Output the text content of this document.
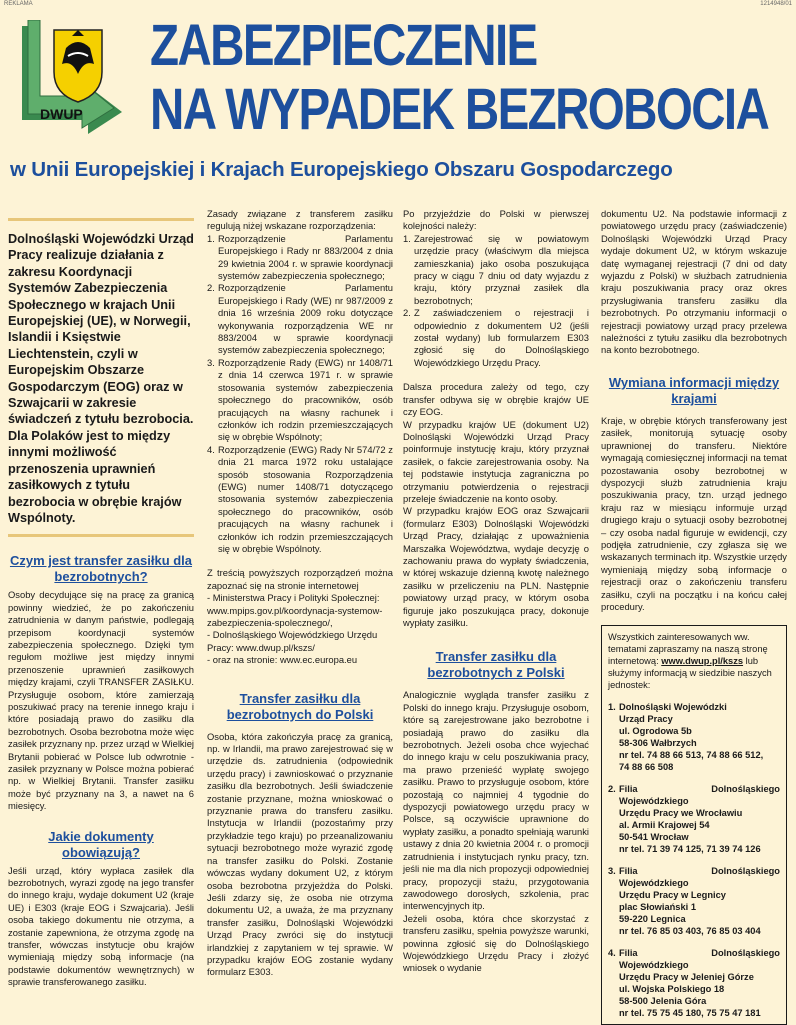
REKLAMA	1214948/01
DWUP
ZABEZPIECZENIE
NA WYPADEK BEZROBOCIA
w Unii Europejskiej i Krajach Europejskiego Obszaru Gospodarczego
Dolnośląski Wojewódzki Urząd Pracy realizuje działania z zakresu Koordynacji Systemów Zabezpieczenia Społecznego w krajach Unii Europejskiej (UE), w Norwegii, Islandii i Księstwie Liechtenstein, czyli w Europejskim Obszarze Gospodarczym (EOG) oraz w Szwajcarii w zakresie świadczeń z tytułu bezrobocia. Dla Polaków jest to między innymi możliwość przenoszenia uprawnień zasiłkowych z tytułu bezrobocia w obrębie krajów Wspólnoty.
Czym jest transfer zasiłku dla bezrobotnych?

Osoby decydujące się na pracę za granicą powinny wiedzieć, że po zakończeniu zatrudnienia w danym państwie, podlegają przepisom koordynacji systemów zabezpieczenia społecznego. Dzięki tym regułom możliwe jest między innymi przenoszenie uprawnień zasiłkowych między krajami, czyli TRANSFER ZASIŁKU. Przysługuje osobom, które zamierzają poszukiwać pracy na terenie innego kraju i które posiadają prawo do zasiłku dla bezrobotnych. Osoba bezrobotna może więc zasiłek przyznany np. przez urząd w Wielkiej Brytanii pobierać w Polsce lub odwrotnie - zasiłek przyznany w Polsce można pobierać np. w Wielkiej Brytanii. Transfer zasiłku może być przyznany na 3, a nawet na 6 miesięcy.

Jakie dokumenty obowiązują?

Jeśli urząd, który wypłaca zasiłek dla bezrobotnych, wyrazi zgodę na jego transfer do innego kraju, wydaje dokument U2 (kraje UE) i E303 (kraje EOG i Szwajcaria). Jeśli osoba takiego dokumentu nie otrzyma, a zostanie zapewniona, że otrzyma zgodę na transfer, wówczas instytucje obu krajów wymieniają między sobą informacje (na podstawie dokumentów wewnętrznych) w sprawie transferowanego zasiłku.

Zasady związane z transferem zasiłku regulują niżej wskazane rozporządzenia:

1. Rozporządzenie Parlamentu Europejskiego i Rady nr 883/2004 z dnia 29 kwietnia 2004 r. w sprawie koordynacji systemów zabezpieczenia społecznego;
2. Rozporządzenie Parlamentu Europejskiego i Rady (WE) nr 987/2009 z dnia 16 września 2009 roku dotyczące wykonywania rozporządzenia WE nr 883/2004 w sprawie koordynacji systemów zabezpieczenia społecznego;
3. Rozporządzenie Rady (EWG) nr 1408/71 z dnia 14 czerwca 1971 r. w sprawie stosowania systemów zabezpieczenia społecznego do pracowników, osób pracujących na własny rachunek i członków ich rodzin przemieszczających się w obrębie Wspólnoty;
4. Rozporządzenie (EWG) Rady Nr 574/72 z dnia 21 marca 1972 roku ustalające sposób stosowania Rozporządzenia (EWG) numer 1408/71 dotyczącego stosowania systemów zabezpieczenia społecznego do pracowników, osób pracujących na własny rachunek i członków ich rodzin przemieszczających się w obrębie Wspólnoty.

Z treścią powyższych rozporządzeń można zapoznać się na stronie internetowej

- Ministerstwa Pracy i Polityki Społecznej: www.mpips.gov.pl/koordynacja-systemow-zabezpieczenia-spolecznego/,
- Dolnośląskiego Wojewódzkiego Urzędu Pracy: www.dwup.pl/kszs/
- oraz na stronie: www.ec.europa.eu
Transfer zasiłku dla bezrobotnych do Polski

Osoba, która zakończyła pracę za granicą, np. w Irlandii, ma prawo zarejestrować się w urzędzie ds. zatrudnienia (odpowiednik urzędu pracy) i zawnioskować o przyznanie zasiłku dla bezrobotnych. Jeśli świadczenie zostanie przyznane, można wnioskować o przyznanie prawa do transferu zasiłku. Instytucja w Irlandii (pozostańmy przy przykładzie tego kraju) po przeanalizowaniu sytuacji bezrobotnego może wyrazić zgodę na transfer zasiłku do Polski. Zostanie wówczas wydany dokument U2, z którym osoba bezrobotna przyjeżdża do Polski. Jeśli zdarzy się, że osoba nie otrzyma dokumentu U2, a uważa, że ma przyznany transfer zasiłku, Dolnośląski Wojewódzki Urząd Pracy zwróci się do instytucji irlandzkiej z zapytaniem w tej sprawie. W przypadku krajów EOG zostanie wydany formularz E303.

Po przyjeździe do Polski w pierwszej kolejności należy:

1. Zarejestrować się w powiatowym urzędzie pracy (właściwym dla miejsca zamieszkania) jako osoba poszukująca pracy w ciągu 7 dniu od daty wyjazdu z kraju, który przyznał zasiłek dla bezrobotnych;
2. Z zaświadczeniem o rejestracji i odpowiednio z dokumentem U2 (jeśli został wydany) lub formularzem E303 zgłosić się do Dolnośląskiego Wojewódzkiego Urzędu Pracy.

Dalsza procedura zależy od tego, czy transfer odbywa się w obrębie krajów UE czy EOG.

W przypadku krajów UE (dokument U2) Dolnośląski Wojewódzki Urząd Pracy poinformuje instytucję kraju, który przyznał zasiłek, o fakcie zarejestrowania osoby. Na tej podstawie instytucja zagraniczna po otrzymaniu potwierdzenia o rejestracji przeleje świadczenie na konto osoby.

W przypadku krajów EOG oraz Szwajcarii (formularz E303) Dolnośląski Wojewódzki Urząd Pracy, działając z upoważnienia Marszałka Województwa, wydaje decyzję o zachowaniu prawa do wypłaty świadczenia, w której wskazuje dzienną kwotę należnego zasiłku w przeliczeniu na PLN. Następnie powiatowy urząd pracy, w którym osoba figuruje jako poszukująca pracy, dokonuje wypłaty zasiłku.

Transfer zasiłku dla bezrobotnych z Polski

Analogicznie wygląda transfer zasiłku z Polski do innego kraju. Przysługuje osobom, które są zarejestrowane jako bezrobotne i posiadają prawo do zasiłku dla bezrobotnych. Jeżeli osoba chce wyjechać do innego kraju w celu poszukiwania pracy, ma prawo przenieść wypłatę swojego zasiłku. Prawo to przysługuje osobom, które pozostają co najmniej 4 tygodnie do dyspozycji powiatowego urzędu pracy w Polsce, są oczywiście uprawnione do wypłaty zasiłku, a ponadto spełniają warunki ustawy z dnia 20 kwietnia 2004 r. o promocji zatrudnienia i instytucjach rynku pracy, tzn. jeśli nie ma dla nich propozycji odpowiedniej pracy, propozycji stażu, przygotowania zawodowego dorosłych, szkolenia, prac interwencyjnych itp.

Jeżeli osoba, która chce skorzystać z transferu zasiłku, spełnia powyższe warunki, powinna zgłosić się do Dolnośląskiego Wojewódzkiego Urzędu Pracy i złożyć wniosek o wydanie

dokumentu U2. Na podstawie informacji z powiatowego urzędu pracy (zaświadczenie) Dolnośląski Wojewódzki Urząd Pracy wydaje dokument U2, w którym wskazuje datę wymaganej rejestracji (7 dni od daty wyjazdu z Polski) w służbach zatrudnienia kraju poszukiwania pracy oraz okres przysługiwania transferu zasiłku dla bezrobotnych. Po otrzymaniu informacji o rejestracji powiatowy urząd pracy przelewa należności z tytułu zasiłku dla bezrobotnych na konto bezrobotnego.

Wymiana informacji między krajami

Kraje, w obrębie których transferowany jest zasiłek, monitorują sytuację osoby uprawnionej do transferu. Niektóre wymagają comiesięcznej informacji na temat pozostawania osoby bezrobotnej w dyspozycji służb zatrudnienia kraju poszukiwania pracy, tzn. urząd jednego kraju raz w miesiącu informuje urząd drugiego kraju o sytuacji osoby bezrobotnej – czy osoba nadal figuruje w ewidencji, czy podjęła zatrudnienie, czy zgłasza się we wskazanych terminach itp. Wszystkie urzędy wymieniają między sobą informacje o rejestracji oraz o zakończeniu transferu zasiłku, czyli na początku i na końcu całej procedury.

Wszystkich zainteresowanych ww. tematami zapraszamy na naszą stronę internetową: www.dwup.pl/kszs lub służymy informacją w siedzibie naszych jednostek:
1. Dolnośląski Wojewódzki
Urząd Pracy
ul. Ogrodowa 5b
58-306 Wałbrzych
nr tel. 74 88 66 513, 74 88 66 512,
74 88 66 508
2. Filia Dolnośląskiego Wojewódzkiego
Urzędu Pracy we Wrocławiu
al. Armii Krajowej 54
50-541 Wrocław
nr tel. 71 39 74 125, 71 39 74 126
3. Filia Dolnośląskiego Wojewódzkiego
Urzędu Pracy w Legnicy
plac Słowiański 1
59-220 Legnica
nr tel. 76 85 03 403, 76 85 03 404
4. Filia Dolnośląskiego Wojewódzkiego
Urzędu Pracy w Jeleniej Górze
ul. Wojska Polskiego 18
58-500 Jelenia Góra
nr tel. 75 75 45 180, 75 75 47 181
